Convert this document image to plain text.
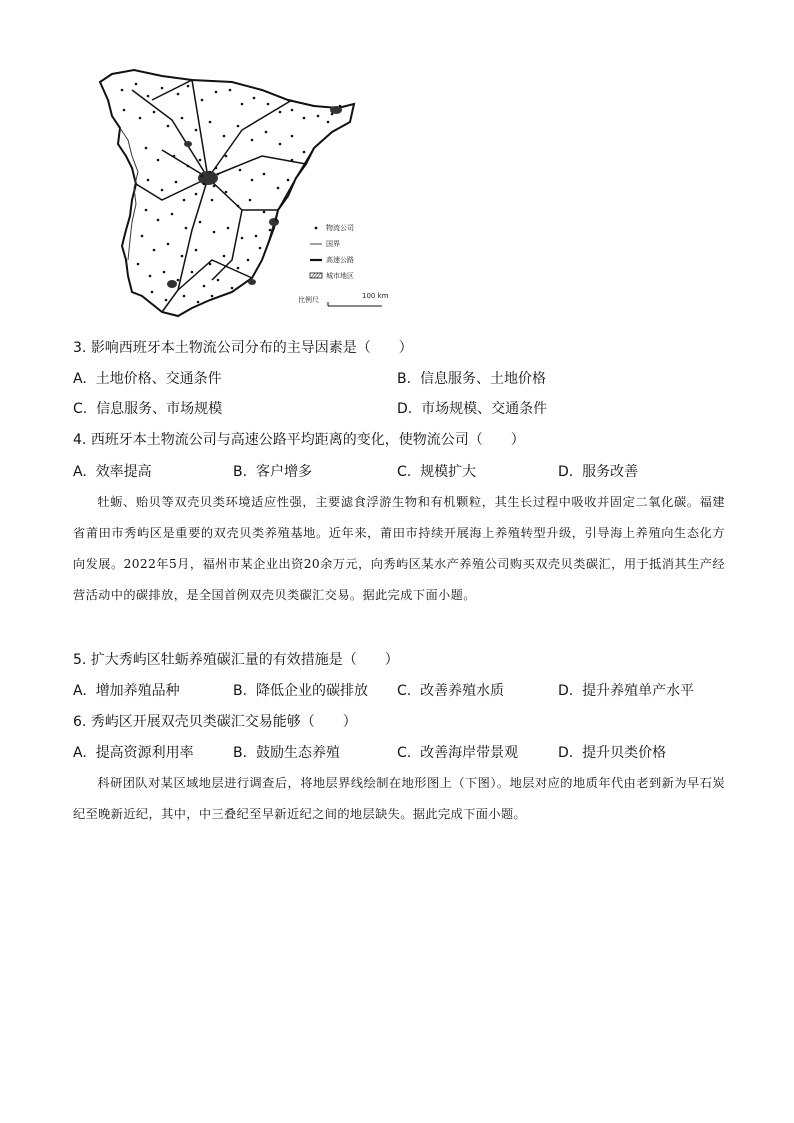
物流公司
国界
高速公路
城市地区
比例尺	100 km
3. 影响西班牙本土物流公司分布的主导因素是（　　）
A. 土地价格、交通条件	B. 信息服务、土地价格
C. 信息服务、市场规模	D. 市场规模、交通条件
4. 西班牙本土物流公司与高速公路平均距离的变化，使物流公司（　　）
A. 效率提高	B. 客户增多	C. 规模扩大	D. 服务改善

牡蛎、贻贝等双壳贝类环境适应性强，主要滤食浮游生物和有机颗粒，其生长过程中吸收并固定二氧化碳。福建省莆田市秀屿区是重要的双壳贝类养殖基地。近年来，莆田市持续开展海上养殖转型升级，引导海上养殖向生态化方向发展。2022年5月，福州市某企业出资20余万元，向秀屿区某水产养殖公司购买双壳贝类碳汇，用于抵消其生产经营活动中的碳排放，是全国首例双壳贝类碳汇交易。据此完成下面小题。

5. 扩大秀屿区牡蛎养殖碳汇量的有效措施是（　　）
A. 增加养殖品种	B. 降低企业的碳排放 C. 改善养殖水质	D. 提升养殖单产水平
6. 秀屿区开展双壳贝类碳汇交易能够（　　）
A. 提高资源利用率	B. 鼓励生态养殖	C. 改善海岸带景观	D. 提升贝类价格

科研团队对某区域地层进行调查后，将地层界线绘制在地形图上（下图）。地层对应的地质年代由老到新为早石炭纪至晚新近纪，其中，中三叠纪至早新近纪之间的地层缺失。据此完成下面小题。
